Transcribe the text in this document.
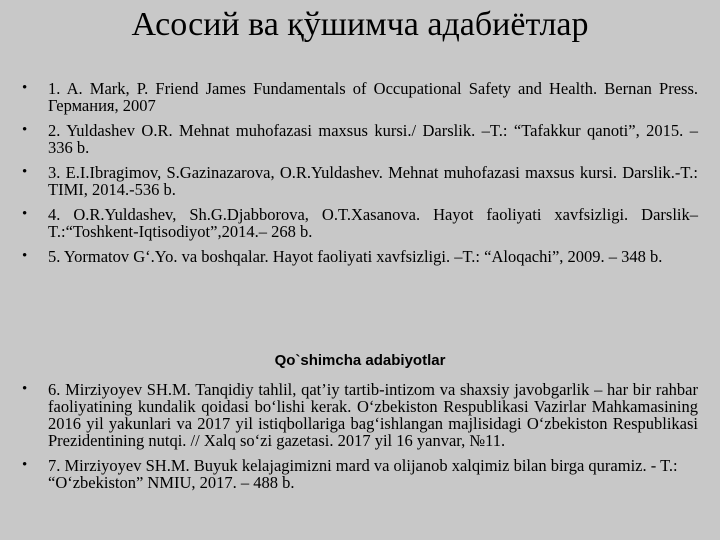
Асосий ва қўшимча адабиётлар
• 1. A. Mark, P. Friend James Fundamentals of Occupational Safety and Health. Bernan Press. Германия, 2007
• 2. Yuldashev O.R. Mehnat muhofazasi maxsus kursi./ Darslik. –T.: “Tafakkur qanoti”, 2015. – 336 b.
• 3. E.I.Ibragimov, S.Gazinazarova, O.R.Yuldashev. Mehnat muhofazasi maxsus kursi. Darslik.-T.: TIMI, 2014.-536 b.
• 4. O.R.Yuldashev, Sh.G.Djabborova, O.T.Xasanova. Hayot faoliyati xavfsizligi. Darslik–T.:“Toshkent-Iqtisodiyot”,2014.– 268 b.
• 5. Yormatov G‘.Yo. va boshqalar. Hayot faoliyati xavfsizligi. –T.: “Aloqachi”, 2009. – 348 b.
Qo`shimcha adabiyotlar
• 6. Mirziyoyev SH.M. Tanqidiy tahlil, qat’iy tartib-intizom va shaxsiy javobgarlik – har bir rahbar faoliyatining kundalik qoidasi bo‘lishi kerak. O‘zbekiston Respublikasi Vazirlar Mahkamasining 2016 yil yakunlari va 2017 yil istiqbollariga bag‘ishlangan majlisidagi O‘zbekiston Respublikasi Prezidentining nutqi. // Xalq so‘zi gazetasi. 2017 yil 16 yanvar, №11.
• 7. Mirziyoyev SH.M. Buyuk kelajagimizni mard va olijanob xalqimiz bilan birga quramiz. - T.: “O‘zbekiston” NMIU, 2017. – 488 b.
